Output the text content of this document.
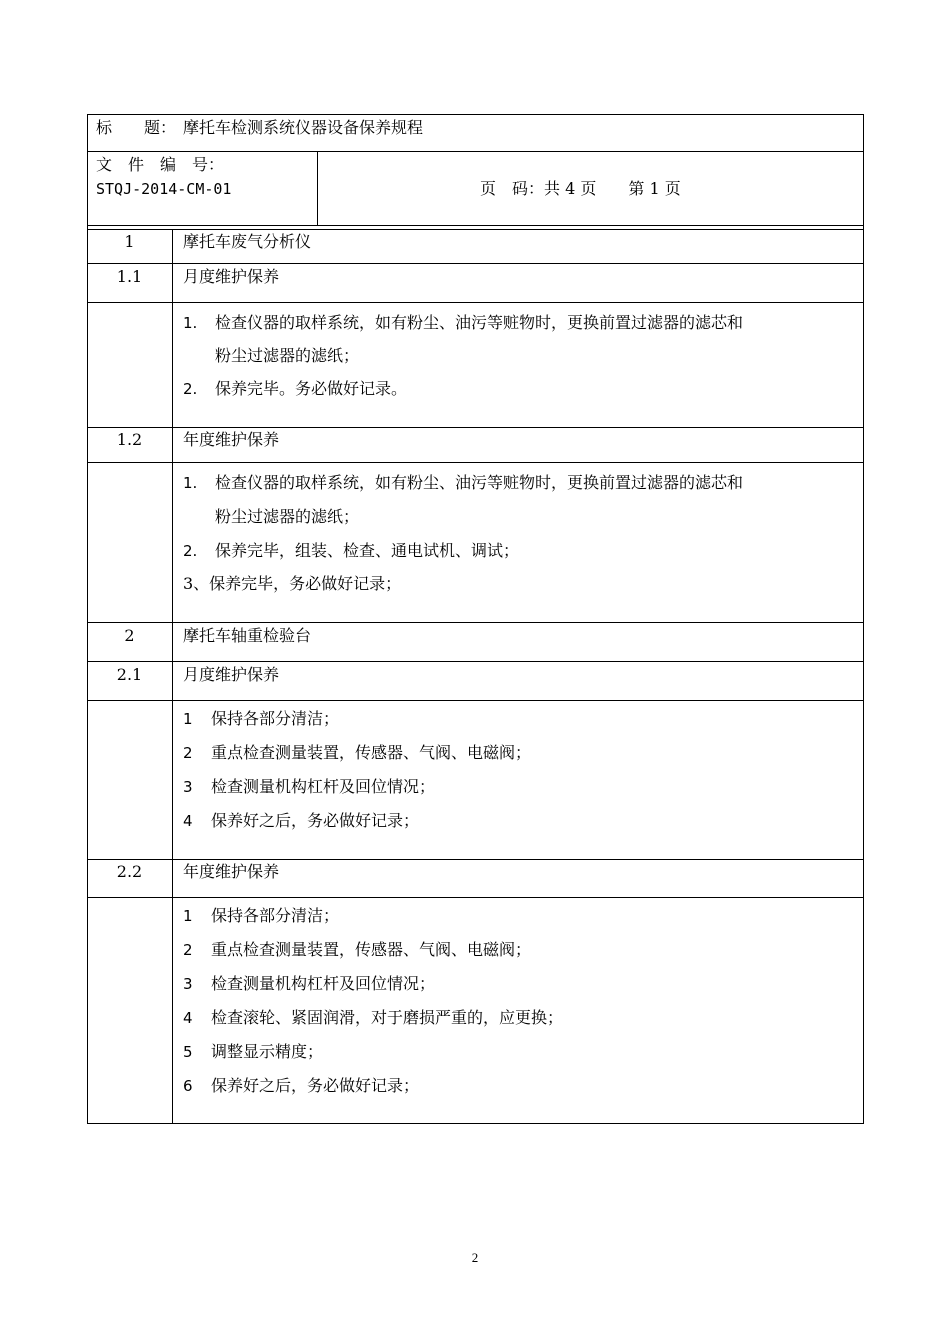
标　　题： 摩托车检测系统仪器设备保养规程
文　件　编　号：
STQJ-2014-CM-01	页　码：共 4 页　　第 1 页
1	摩托车废气分析仪
1.1	月度维护保养
1. 检查仪器的取样系统，如有粉尘、油污等赃物时，更换前置过滤器的滤芯和
粉尘过滤器的滤纸；
2. 保养完毕。务必做好记录。
1.2	年度维护保养
1. 检查仪器的取样系统，如有粉尘、油污等赃物时，更换前置过滤器的滤芯和
粉尘过滤器的滤纸；
2. 保养完毕，组装、检查、通电试机、调试；
3、保养完毕，务必做好记录；
2	摩托车轴重检验台
2.1	月度维护保养
1 保持各部分清洁；
2 重点检查测量装置，传感器、气阀、电磁阀；
3 检查测量机构杠杆及回位情况；
4 保养好之后，务必做好记录；
2.2	年度维护保养
1 保持各部分清洁；
2 重点检查测量装置，传感器、气阀、电磁阀；
3 检查测量机构杠杆及回位情况；
4 检查滚轮、紧固润滑，对于磨损严重的，应更换；
5 调整显示精度；
6 保养好之后，务必做好记录；
2
